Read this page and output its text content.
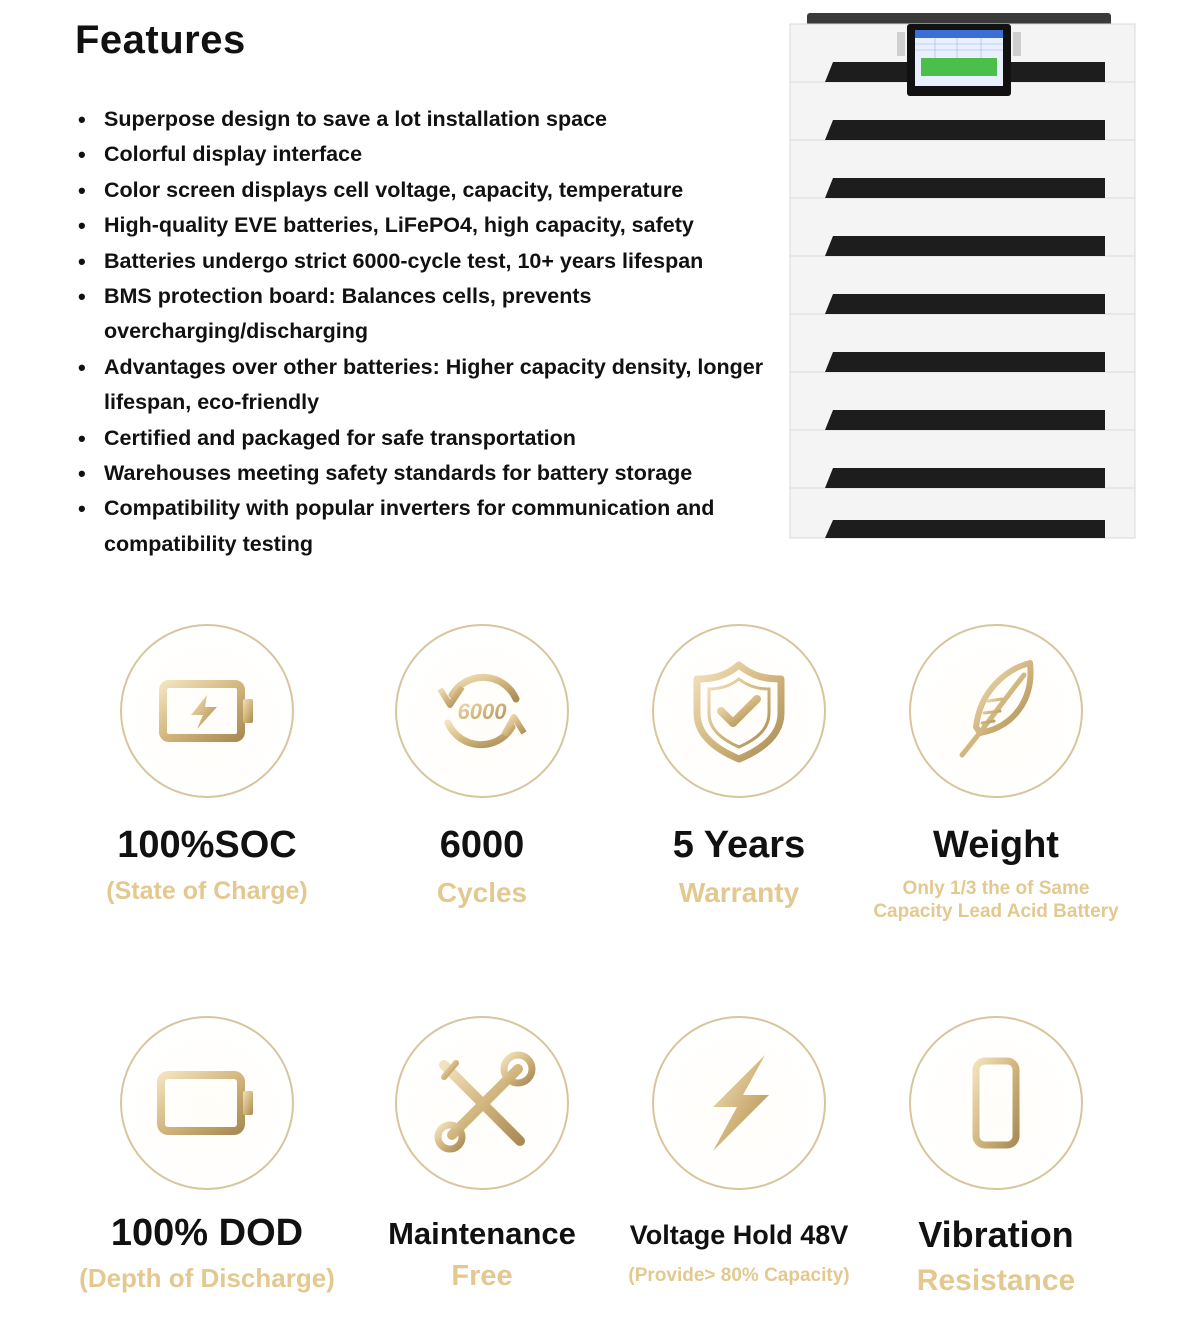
Features
• Superpose design to save a lot installation space
• Colorful display interface
• Color screen displays cell voltage, capacity, temperature
• High-quality EVE batteries, LiFePO4, high capacity, safety
• Batteries undergo strict 6000-cycle test, 10+ years lifespan
• BMS protection board: Balances cells, prevents overcharging/discharging
• Advantages over other batteries: Higher capacity density, longer lifespan, eco-friendly
• Certified and packaged for safe transportation
• Warehouses meeting safety standards for battery storage
• Compatibility with popular inverters for communication and compatibility testing
100%SOC
(State of Charge)
6000
6000
Cycles
5 Years
Warranty
Weight
Only 1/3 the of Same
Capacity Lead Acid Battery
100% DOD
(Depth of Discharge)
Maintenance
Free
Voltage Hold 48V
(Provide> 80% Capacity)
Vibration
Resistance
